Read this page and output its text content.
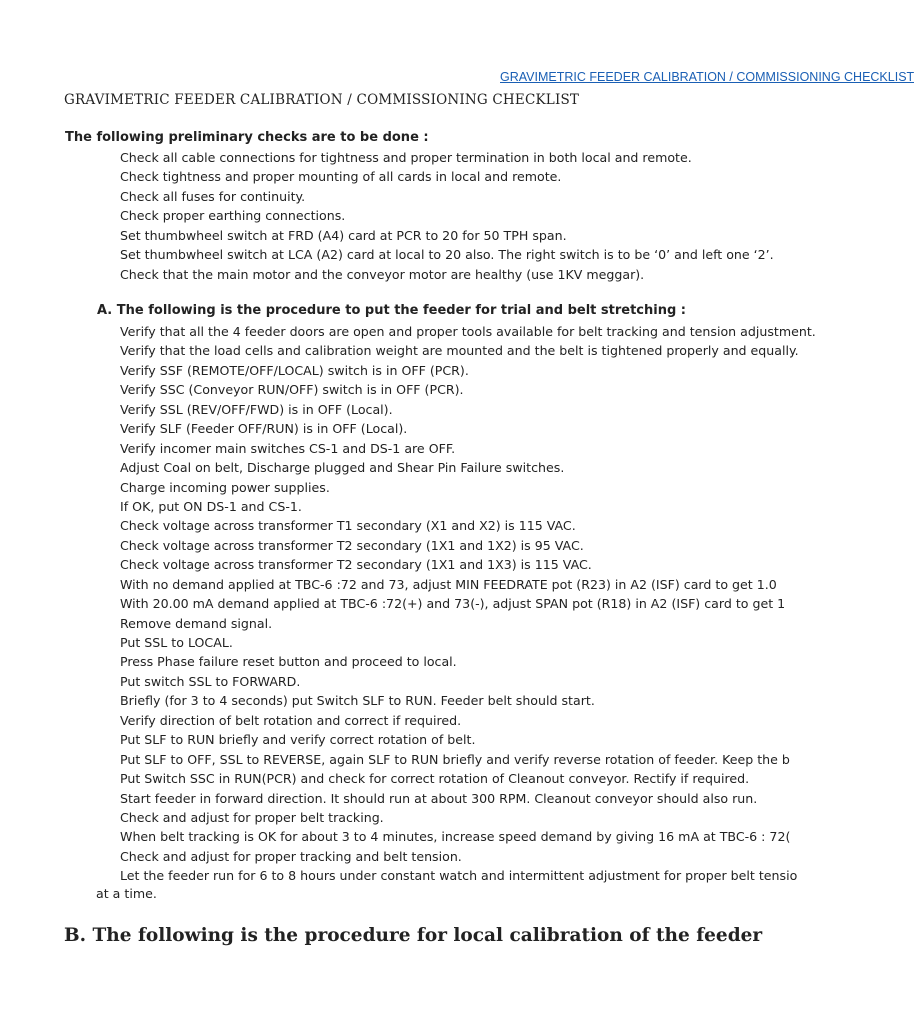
GRAVIMETRIC FEEDER CALIBRATION / COMMISSIONING CHECKLIST
GRAVIMETRIC FEEDER CALIBRATION / COMMISSIONING CHECKLIST

The following preliminary checks are to be done :

Check all cable connections for tightness and proper termination in both local and remote.
Check tightness and proper mounting of all cards in local and remote.
Check all fuses for continuity.
Check proper earthing connections.
Set thumbwheel switch at FRD (A4) card at PCR to 20 for 50 TPH span.
Set thumbwheel switch at LCA (A2) card at local to 20 also. The right switch is to be ‘0’ and left one ‘2’.
Check that the main motor and the conveyor motor are healthy (use 1KV meggar).

A. The following is the procedure to put the feeder for trial and belt stretching :

Verify that all the 4 feeder doors are open and proper tools available for belt tracking and tension adjustment.
Verify that the load cells and calibration weight are mounted and the belt is tightened properly and equally.
Verify SSF (REMOTE/OFF/LOCAL) switch is in OFF (PCR).
Verify SSC (Conveyor RUN/OFF) switch is in OFF (PCR).
Verify SSL (REV/OFF/FWD) is in OFF (Local).
Verify SLF (Feeder OFF/RUN) is in OFF (Local).
Verify incomer main switches CS-1 and DS-1 are OFF.
Adjust Coal on belt, Discharge plugged and Shear Pin Failure switches.
Charge incoming power supplies.
If OK, put ON DS-1 and CS-1.
Check voltage across transformer T1 secondary (X1 and X2) is 115 VAC.
Check voltage across transformer T2 secondary (1X1 and 1X2) is 95 VAC.
Check voltage across transformer T2 secondary (1X1 and 1X3) is 115 VAC.
With no demand applied at TBC-6 :72 and 73, adjust MIN FEEDRATE pot (R23) in A2 (ISF) card to get 1.0
With 20.00 mA demand applied at TBC-6 :72(+) and 73(-), adjust SPAN pot (R18) in A2 (ISF) card to get 1
Remove demand signal.
Put SSL to LOCAL.
Press Phase failure reset button and proceed to local.
Put switch SSL to FORWARD.
Briefly (for 3 to 4 seconds) put Switch SLF to RUN. Feeder belt should start.
Verify direction of belt rotation and correct if required.
Put SLF to RUN briefly and verify correct rotation of belt.
Put SLF to OFF, SSL to REVERSE, again SLF to RUN briefly and verify reverse rotation of feeder. Keep the b
Put Switch SSC in RUN(PCR) and check for correct rotation of Cleanout conveyor. Rectify if required.
Start feeder in forward direction. It should run at about 300 RPM. Cleanout conveyor should also run.
Check and adjust for proper belt tracking.
When belt tracking is OK for about 3 to 4 minutes, increase speed demand by giving 16 mA at TBC-6 : 72(
Check and adjust for proper tracking and belt tension.
Let the feeder run for 6 to 8 hours under constant watch and intermittent adjustment for proper belt tensio
at a time.
B. The following is the procedure for local calibration of the feeder
